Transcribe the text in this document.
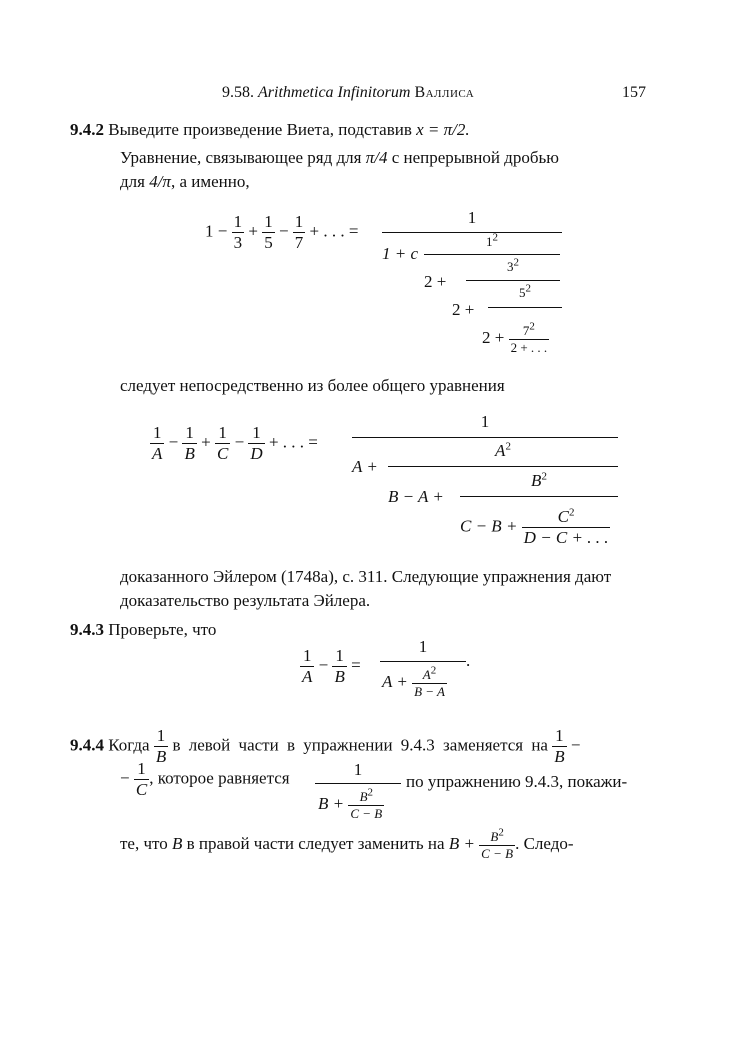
9.58. Arithmetica Infinitorum Валлиса	157
9.4.2 Выведите произведение Виета, подставив x = π/2.

Уравнение, связывающее ряд для π/4 с непрерывной дробью
для 4/π, а именно,

$1 - \frac{1}{3} + \frac{1}{5} - \frac{1}{7}$ + . . . =
1
1 + c
$1^2$
2 +
$3^2$
2 +
$5^2$
$2 + \frac{7^2}{2 + . . .}$
следует непосредственно из более общего уравнения
$\frac{1}{A} - \frac{1}{B} + \frac{1}{C} - \frac{1}{D}$ + . . . =
1
A +
$A^2$
B − A +
$B^2$
$C - B + \frac{C^2}{D - C + . . .}$

доказанного Эйлером (1748a), с. 311. Следующие упражнения дают
доказательство результата Эйлера.

9.4.3 Проверьте, что
$\frac{1}{A} - \frac{1}{B}$ =
1
.
$A + \frac{A^2}{B - A}$
9.4.4 Когда $\frac{1}{B}$ в левой части в упражнении 9.4.3 заменяется на $\frac{1}{B}$ −
− $\frac{1}{C}$ , которое равняется	1
$B + \frac{B^2}{C - B}$
по упражнению 9.4.3, покажи-
те, что B в правой части следует заменить на $B + \frac{B^2}{C - B}$ . Следо-
